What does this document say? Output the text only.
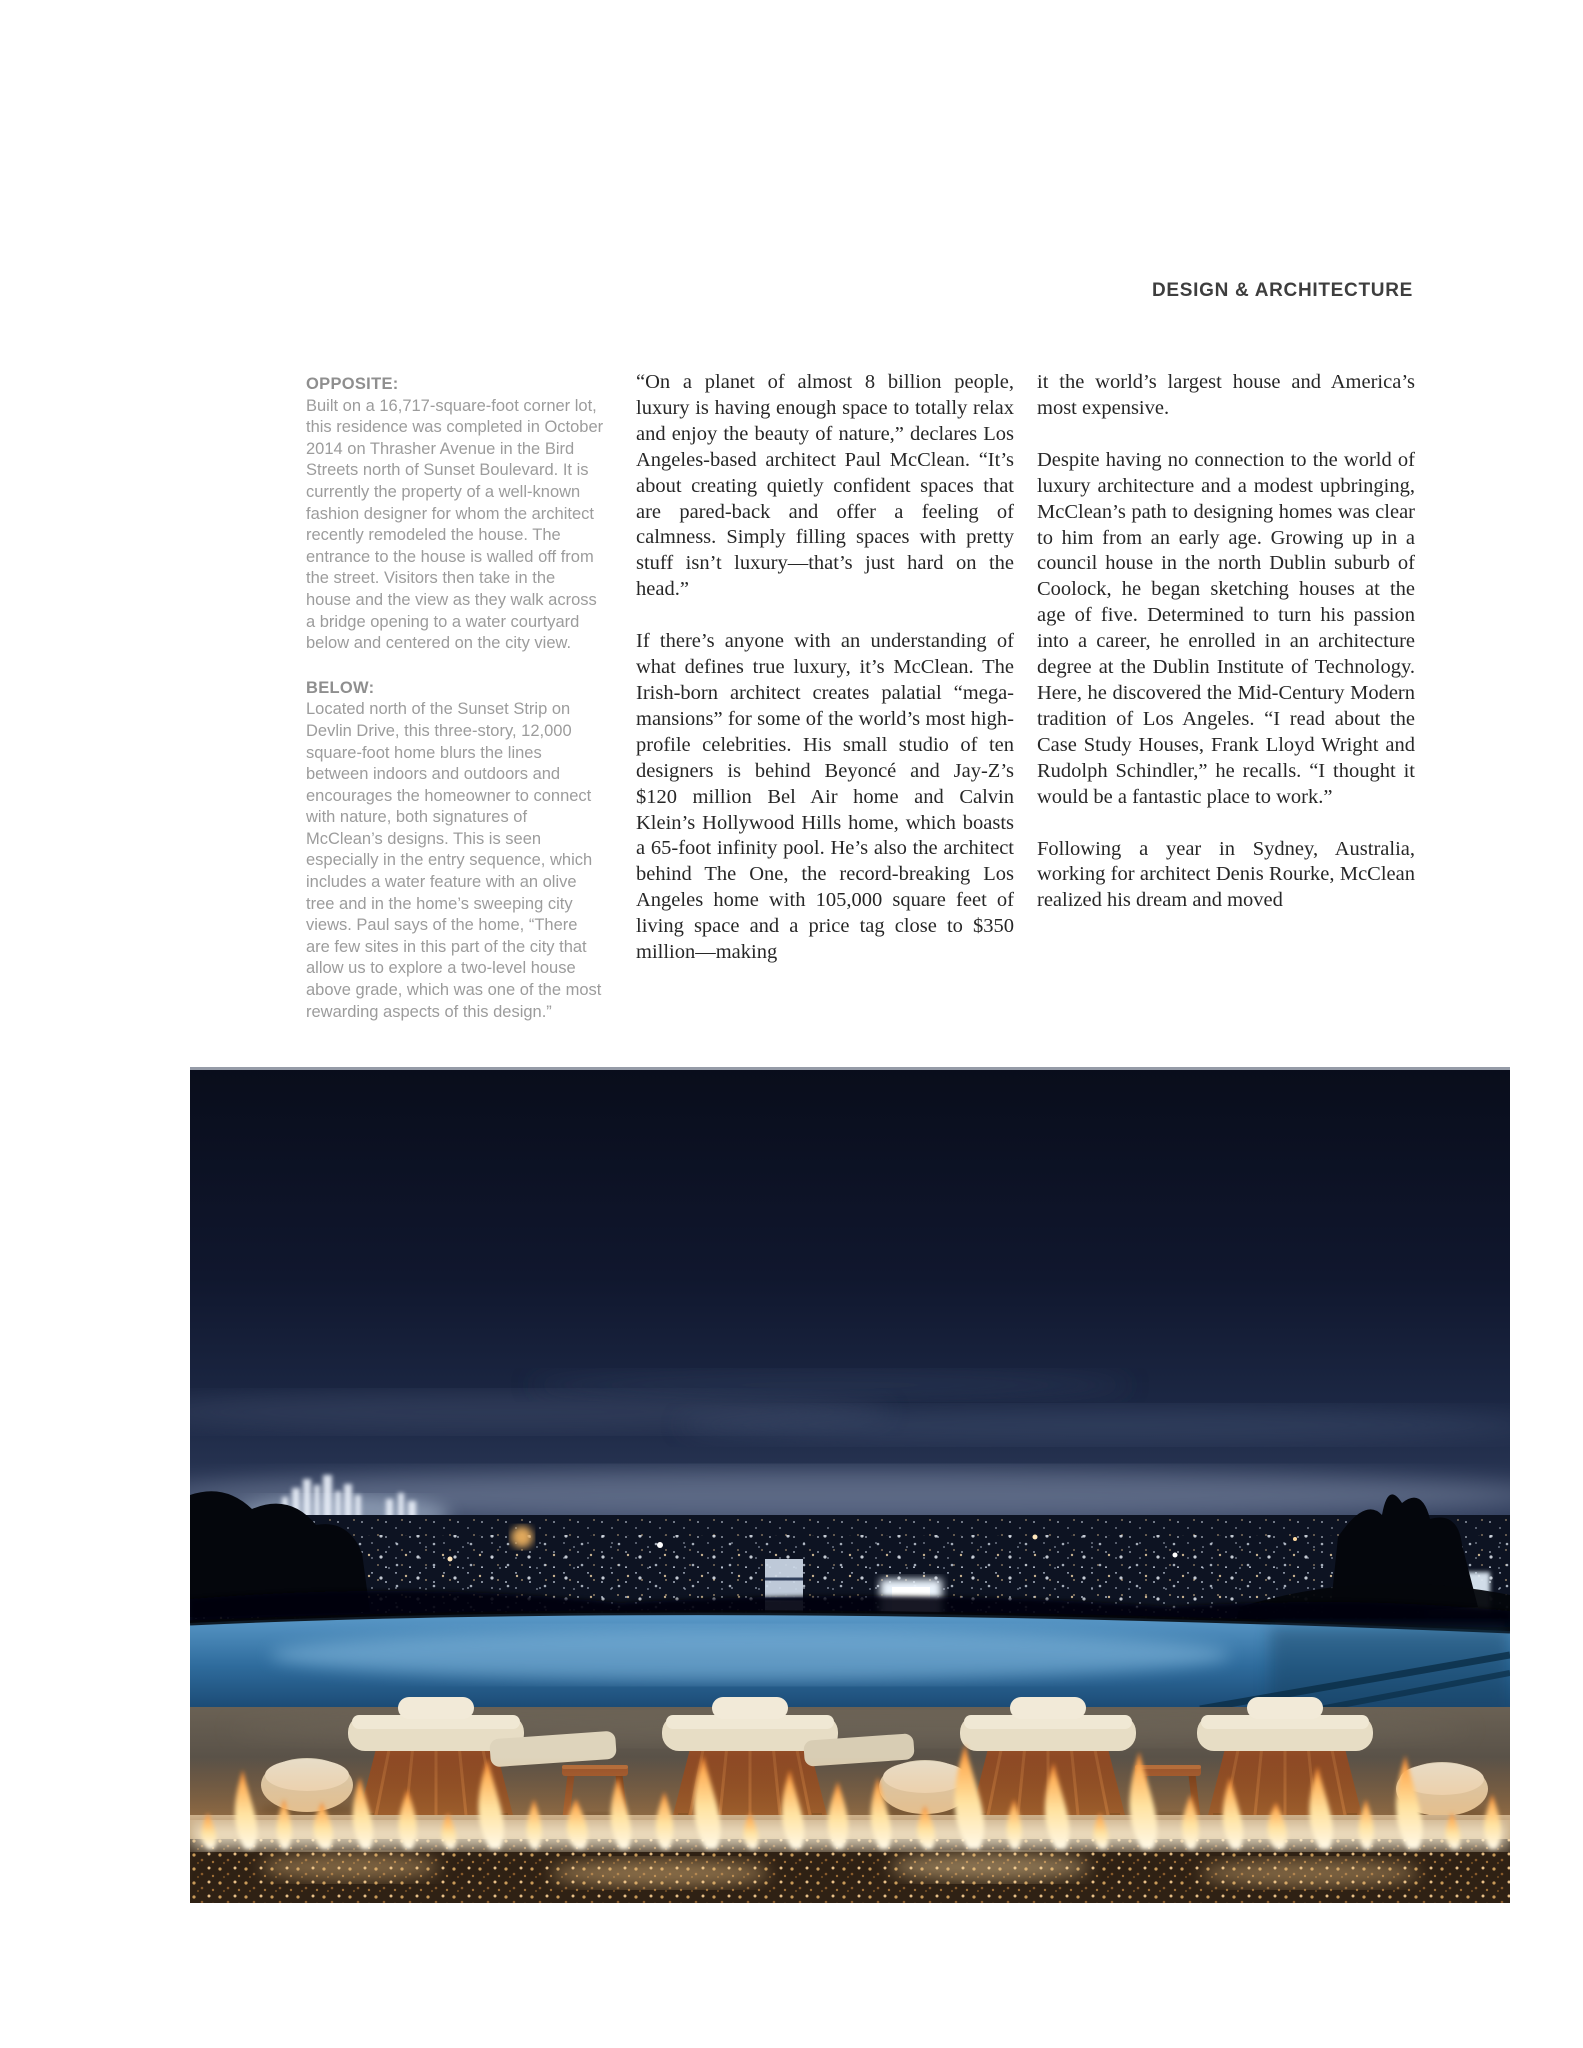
DESIGN & ARCHITECTURE

OPPOSITE:
Built on a 16,717-square-foot corner lot, this residence was completed in October 2014 on Thrasher Avenue in the Bird Streets north of Sunset Boulevard. It is currently the property of a well-known fashion designer for whom the architect recently remodeled the house. The entrance to the house is walled off from the street. Visitors then take in the house and the view as they walk across a bridge opening to a water courtyard below and centered on the city view.

BELOW:
Located north of the Sunset Strip on Devlin Drive, this three-story, 12,000 square-foot home blurs the lines between indoors and outdoors and encourages the homeowner to connect with nature, both signatures of McClean’s designs. This is seen especially in the entry sequence, which includes a water feature with an olive tree and in the home’s sweeping city views. Paul says of the home, “There are few sites in this part of the city that allow us to explore a two-level house above grade, which was one of the most rewarding aspects of this design.”

“On a planet of almost 8 billion people, luxury is having enough space to totally relax and enjoy the beauty of nature,” declares Los Angeles-based architect Paul McClean. “It’s about creating quietly confident spaces that are pared-back and offer a feeling of calmness. Simply filling spaces with pretty stuff isn’t luxury—that’s just hard on the head.”

If there’s anyone with an understanding of what defines true luxury, it’s McClean. The Irish-born architect creates palatial “mega-mansions” for some of the world’s most high-profile celebrities. His small studio of ten designers is behind Beyoncé and Jay-Z’s $120 million Bel Air home and Calvin Klein’s Hollywood Hills home, which boasts a 65-foot infinity pool. He’s also the architect behind The One, the record-breaking Los Angeles home with 105,000 square feet of living space and a price tag close to $350 million—making

it the world’s largest house and America’s most expensive.

Despite having no connection to the world of luxury architecture and a modest upbringing, McClean’s path to designing homes was clear to him from an early age. Growing up in a council house in the north Dublin suburb of Coolock, he began sketching houses at the age of five. Determined to turn his passion into a career, he enrolled in an architecture degree at the Dublin Institute of Technology. Here, he discovered the Mid-Century Modern tradition of Los Angeles. “I read about the Case Study Houses, Frank Lloyd Wright and Rudolph Schindler,” he recalls. “I thought it would be a fantastic place to work.”

Following a year in Sydney, Australia, working for architect Denis Rourke, McClean realized his dream and moved
